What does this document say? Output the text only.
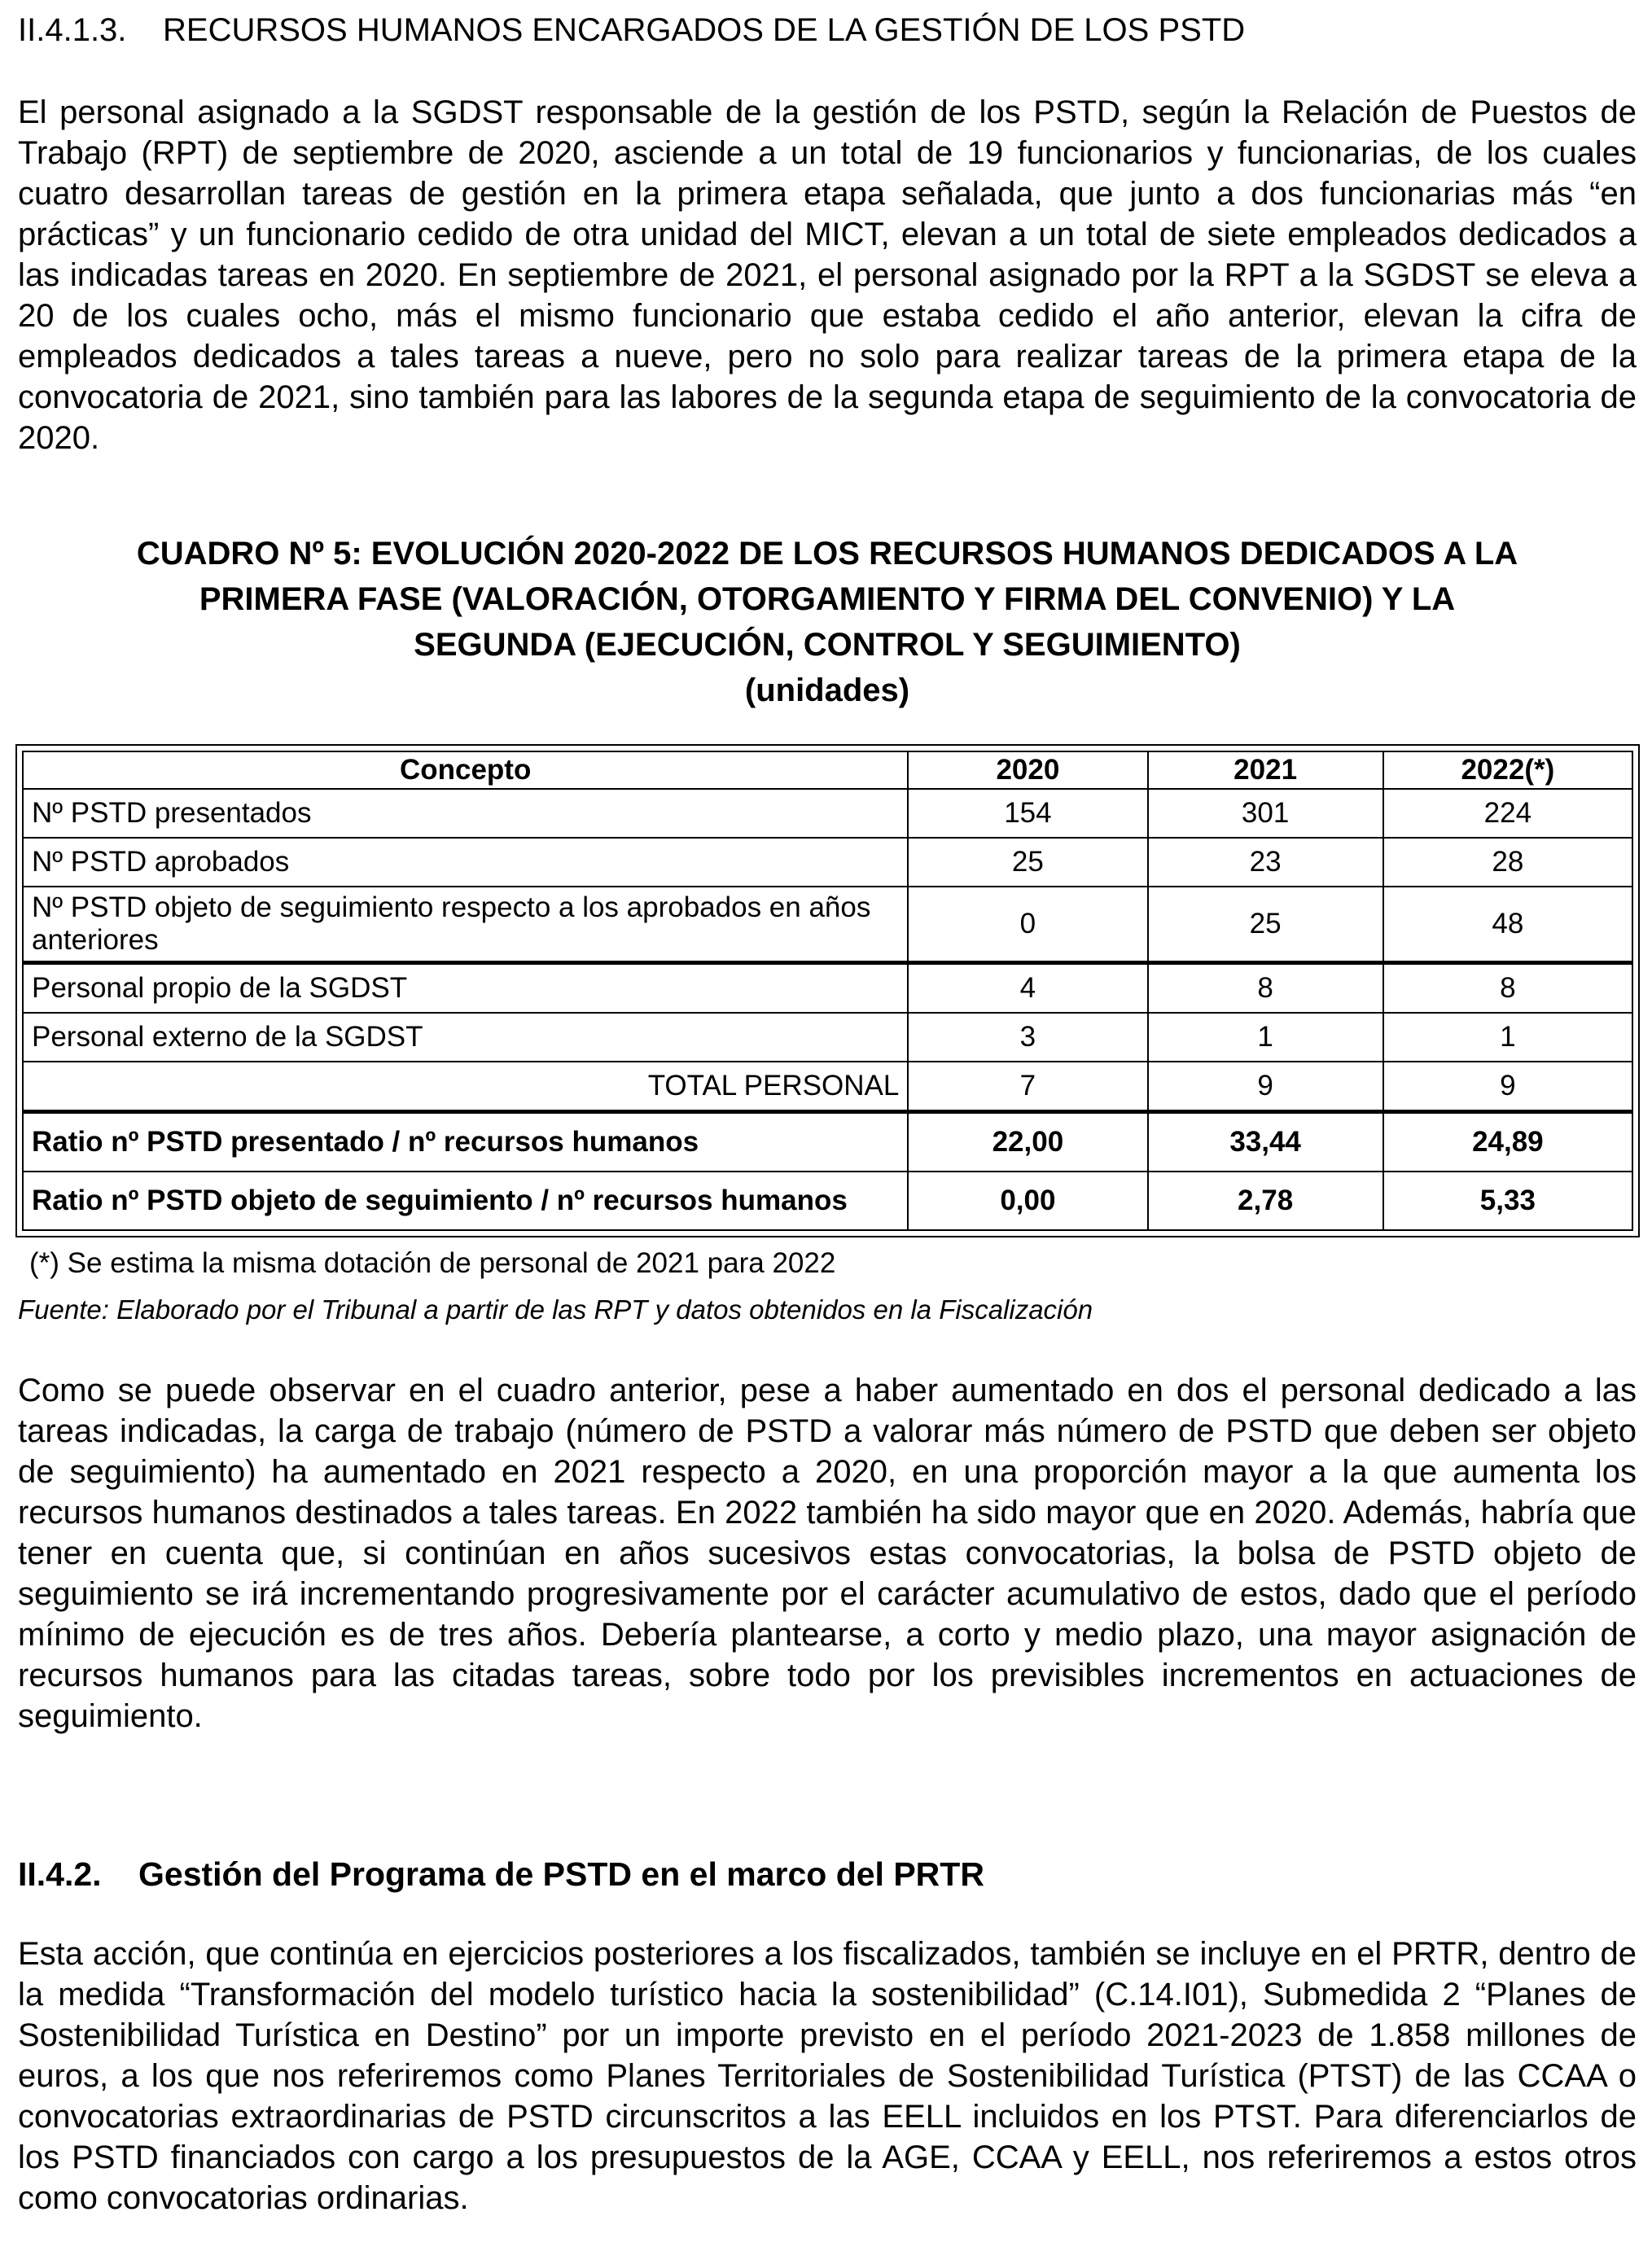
II.4.1.3. RECURSOS HUMANOS ENCARGADOS DE LA GESTIÓN DE LOS PSTD
El personal asignado a la SGDST responsable de la gestión de los PSTD, según la Relación de Puestos de Trabajo (RPT) de septiembre de 2020, asciende a un total de 19 funcionarios y funcionarias, de los cuales cuatro desarrollan tareas de gestión en la primera etapa señalada, que junto a dos funcionarias más “en prácticas” y un funcionario cedido de otra unidad del MICT, elevan a un total de siete empleados dedicados a las indicadas tareas en 2020. En septiembre de 2021, el personal asignado por la RPT a la SGDST se eleva a 20 de los cuales ocho, más el mismo funcionario que estaba cedido el año anterior, elevan la cifra de empleados dedicados a tales tareas a nueve, pero no solo para realizar tareas de la primera etapa de la convocatoria de 2021, sino también para las labores de la segunda etapa de seguimiento de la convocatoria de 2020.
CUADRO Nº 5: EVOLUCIÓN 2020-2022 DE LOS RECURSOS HUMANOS DEDICADOS A LA
PRIMERA FASE (VALORACIÓN, OTORGAMIENTO Y FIRMA DEL CONVENIO) Y LA
SEGUNDA (EJECUCIÓN, CONTROL Y SEGUIMIENTO)
(unidades)
Concepto	2020	2021	2022(*)
Nº PSTD presentados	154	301	224
Nº PSTD aprobados	25	23	28
Nº PSTD objeto de seguimiento respecto a los aprobados en años anteriores	0	25	48
Personal propio de la SGDST	4	8	8
Personal externo de la SGDST	3	1	1
TOTAL PERSONAL	7	9	9
Ratio nº PSTD presentado / nº recursos humanos	22,00	33,44	24,89
Ratio nº PSTD objeto de seguimiento / nº recursos humanos	0,00	2,78	5,33
(*) Se estima la misma dotación de personal de 2021 para 2022
Fuente: Elaborado por el Tribunal a partir de las RPT y datos obtenidos en la Fiscalización
Como se puede observar en el cuadro anterior, pese a haber aumentado en dos el personal dedicado a las tareas indicadas, la carga de trabajo (número de PSTD a valorar más número de PSTD que deben ser objeto de seguimiento) ha aumentado en 2021 respecto a 2020, en una proporción mayor a la que aumenta los recursos humanos destinados a tales tareas. En 2022 también ha sido mayor que en 2020. Además, habría que tener en cuenta que, si continúan en años sucesivos estas convocatorias, la bolsa de PSTD objeto de seguimiento se irá incrementando progresivamente por el carácter acumulativo de estos, dado que el período mínimo de ejecución es de tres años. Debería plantearse, a corto y medio plazo, una mayor asignación de recursos humanos para las citadas tareas, sobre todo por los previsibles incrementos en actuaciones de seguimiento.
II.4.2. Gestión del Programa de PSTD en el marco del PRTR
Esta acción, que continúa en ejercicios posteriores a los fiscalizados, también se incluye en el PRTR, dentro de la medida “Transformación del modelo turístico hacia la sostenibilidad” (C.14.I01), Submedida 2 “Planes de Sostenibilidad Turística en Destino” por un importe previsto en el período 2021-2023 de 1.858 millones de euros, a los que nos referiremos como Planes Territoriales de Sostenibilidad Turística (PTST) de las CCAA o convocatorias extraordinarias de PSTD circunscritos a las EELL incluidos en los PTST. Para diferenciarlos de los PSTD financiados con cargo a los presupuestos de la AGE, CCAA y EELL, nos referiremos a estos otros como convocatorias ordinarias.
